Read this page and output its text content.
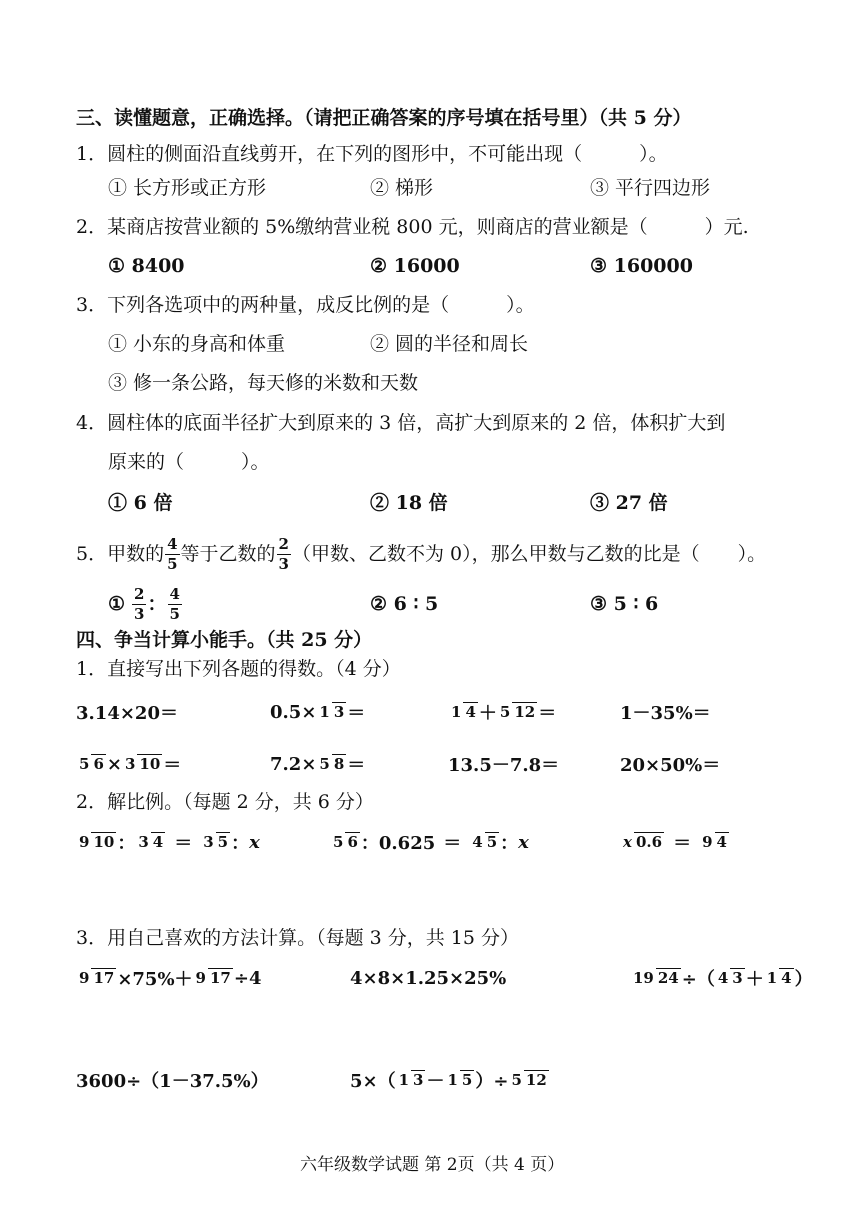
三、读懂题意，正确选择。（请把正确答案的序号填在括号里）（共 5 分）
1．圆柱的侧面沿直线剪开，在下列的图形中，不可能出现（　　　）。
① 长方形或正方形	② 梯形	③ 平行四边形
2．某商店按营业额的 5%缴纳营业税 800 元，则商店的营业额是（　　　）元.
① 8400	② 16000	③ 160000
3．下列各选项中的两种量，成反比例的是（　　　）。
① 小东的身高和体重	② 圆的半径和周长
③ 修一条公路，每天修的米数和天数
4．圆柱体的底面半径扩大到原来的 3 倍，高扩大到原来的 2 倍，体积扩大到
原来的（　　　）。
① 6 倍	② 18 倍	③ 27 倍
5．甲数的 $\frac{4}{5}$ 等于乙数的 $\frac{2}{3}$ （甲数、乙数不为 0），那么甲数与乙数的比是（　　）。
① $\frac{2}{3}$ ： $\frac{4}{5}$	② 6 ∶ 5	③ 5 ∶ 6
四、争当计算小能手。（共 25 分）
1．直接写出下列各题的得数。（4 分）
3.14×20＝	0.5× 1 3 ＝	1 4 ＋ 5 12 ＝	1－35%＝
5 6 × 3 10 ＝	7.2× 5 8 ＝	13.5－7.8＝	20×50%＝
2．解比例。（每题 2 分，共 6 分）
9 10 ： 3 4 ＝ 3 5 ： x	5 6 ：0.625 ＝ 4 5 ： x	x 0.6 ＝ 9 4
3．用自己喜欢的方法计算。（每题 3 分，共 15 分）
9 17 ×75%＋ 9 17 ÷4	4×8×1.25×25%	19 24 ÷（ 4 3 ＋ 1 4 ）
3600÷（1－37.5%）	5×（ 1 3 － 1 5 ）÷ 5 12
六年级数学试题 第 2页（共 4 页）
